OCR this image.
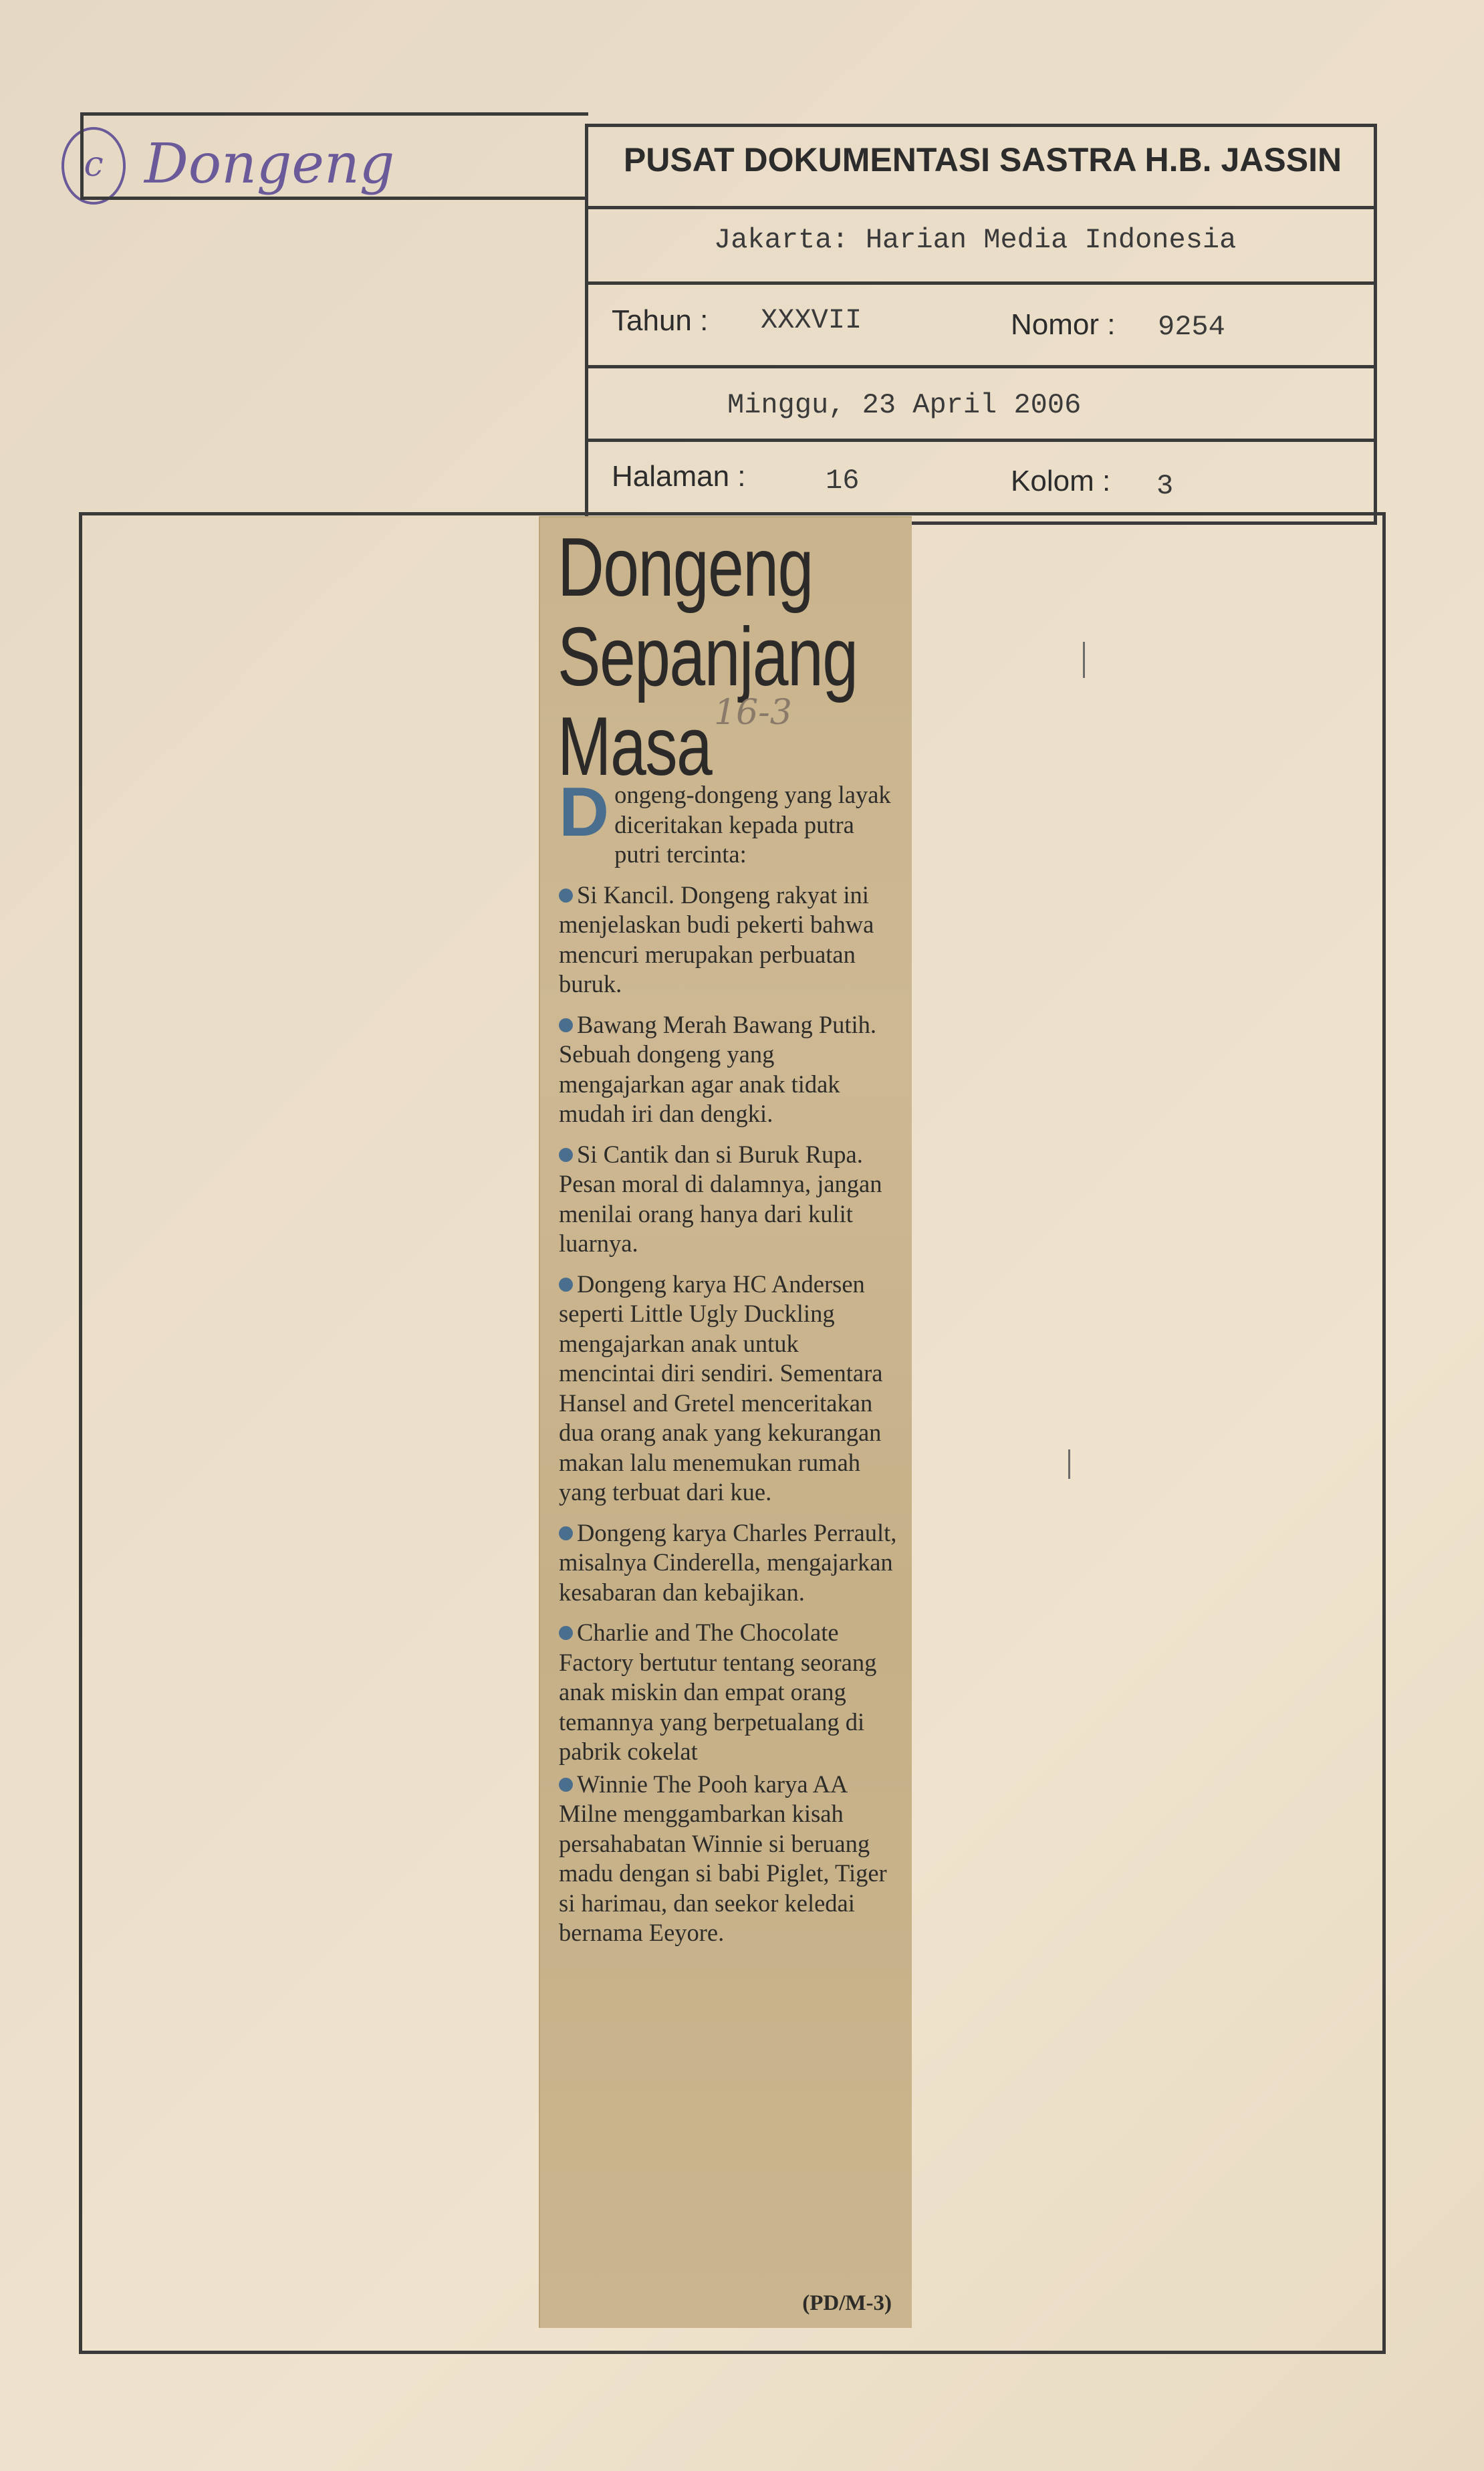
c Dongeng	PUSAT DOKUMENTASI SASTRA H.B. JASSIN
Jakarta: Harian Media Indonesia
Tahun : XXXVII	Nomor : 9254
Minggu, 23 April 2006
Halaman :	16	Kolom : 3
Dongeng
Sepanjang
Masa 16-3

Dongeng-dongeng yang layak diceritakan kepada putra putri tercinta:

Si Kancil. Dongeng rakyat ini menjelaskan budi pekerti bahwa mencuri merupakan perbuatan buruk.

Bawang Merah Bawang Putih. Sebuah dongeng yang mengajarkan agar anak tidak mudah iri dan dengki.

Si Cantik dan si Buruk Rupa. Pesan moral di dalamnya, jangan menilai orang hanya dari kulit luarnya.

Dongeng karya HC Andersen seperti Little Ugly Duckling mengajarkan anak untuk mencintai diri sendiri. Sementara Hansel and Gretel menceritakan dua orang anak yang kekurangan makan lalu menemukan rumah yang terbuat dari kue.

Dongeng karya Charles Perrault, misalnya Cinderella, mengajarkan kesabaran dan kebajikan.

Charlie and The Chocolate Factory bertutur tentang seorang anak miskin dan empat orang temannya yang berpetualang di pabrik cokelat

Winnie The Pooh karya AA Milne menggambarkan kisah persahabatan Winnie si beruang madu dengan si babi Piglet, Tiger si harimau, dan seekor keledai bernama Eeyore.

(PD/M-3)
